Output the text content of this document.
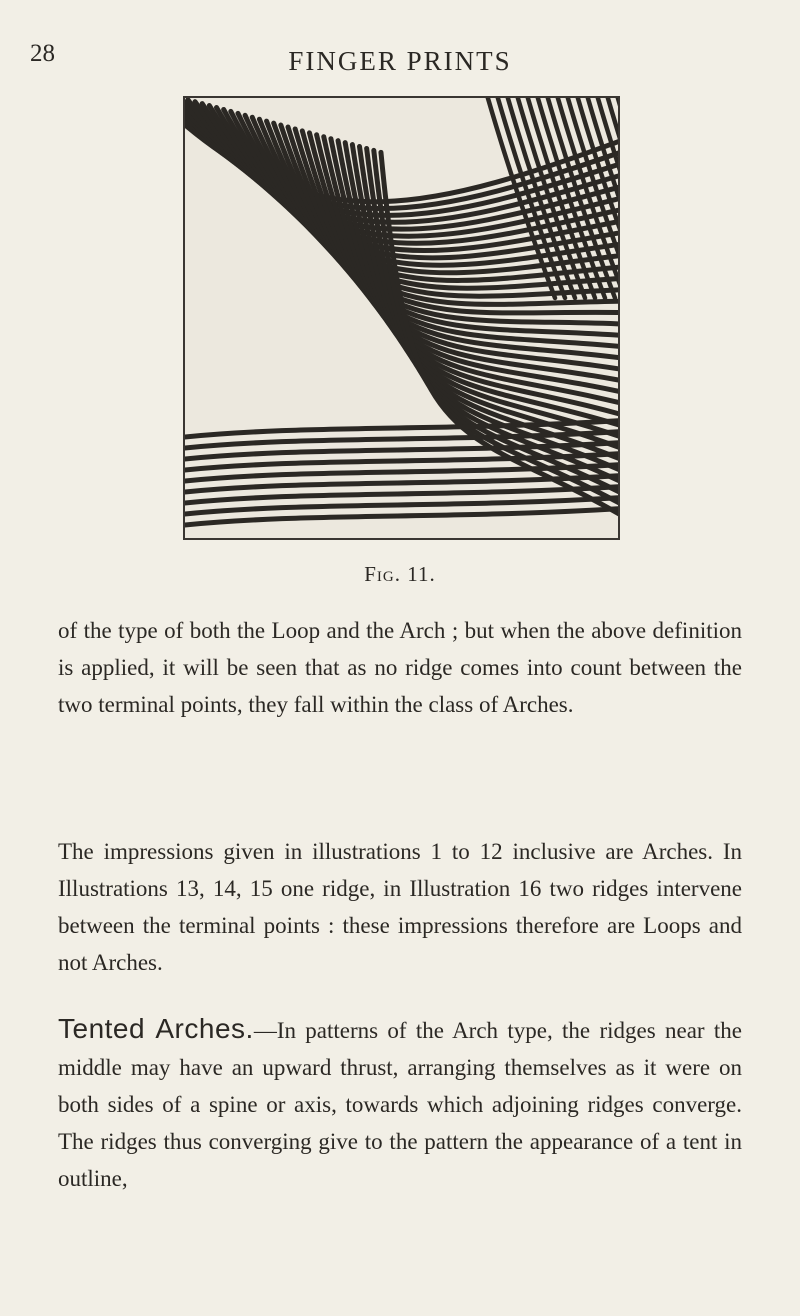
28	FINGER PRINTS
Fig. 11.

of the type of both the Loop and the Arch ; but when the above definition is applied, it will be seen that as no ridge comes into count between the two terminal points, they fall within the class of Arches.

The impressions given in illustrations 1 to 12 inclusive are Arches. In Illustrations 13, 14, 15 one ridge, in Illustration 16 two ridges intervene between the terminal points : these impressions therefore are Loops and not Arches.

Tented Arches.—In patterns of the Arch type, the ridges near the middle may have an upward thrust, arranging themselves as it were on both sides of a spine or axis, towards which adjoining ridges converge. The ridges thus converging give to the pattern the appearance of a tent in outline,
